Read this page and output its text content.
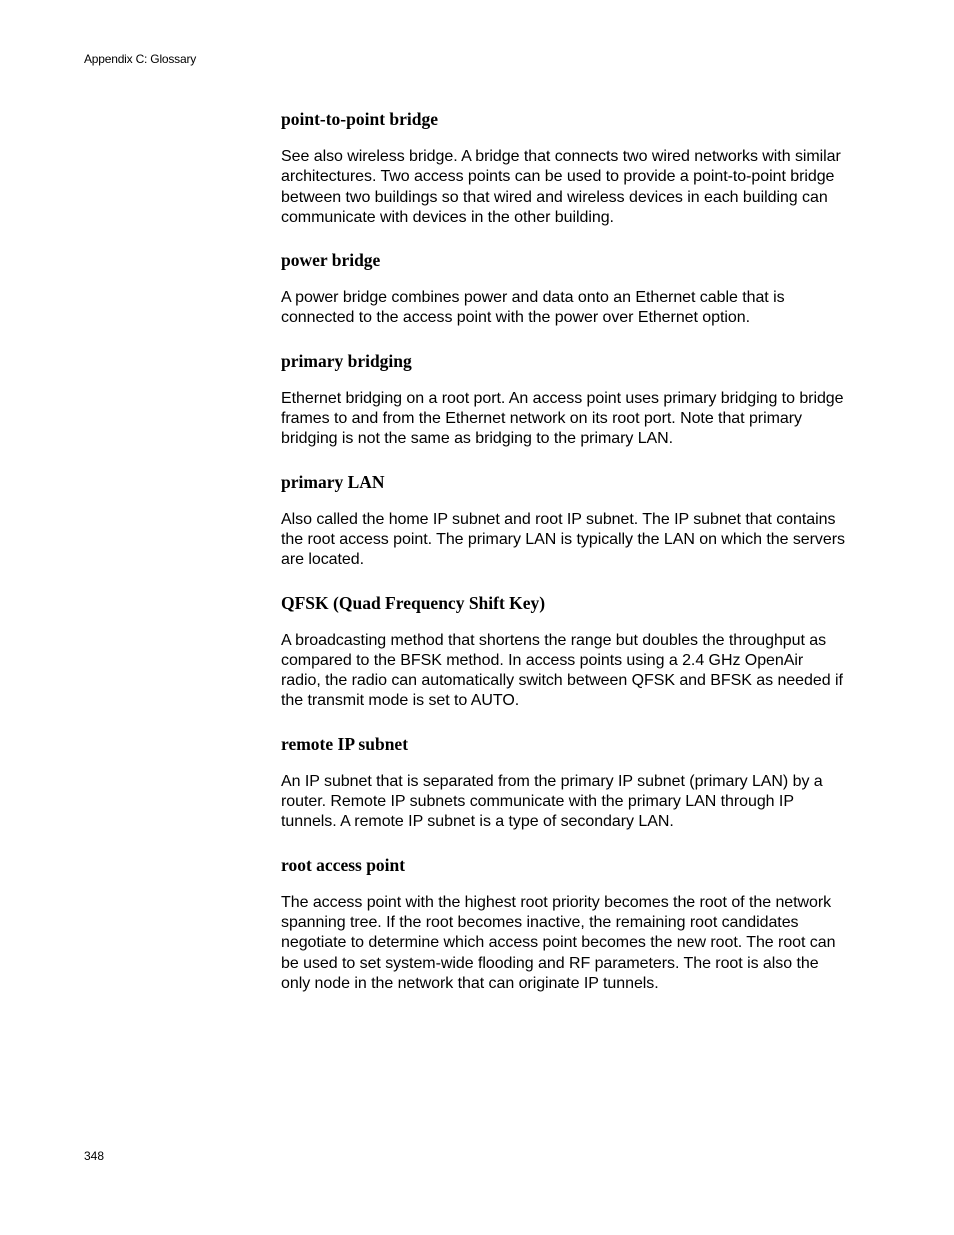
Appendix C: Glossary
point-to-point bridge

See also wireless bridge. A bridge that connects two wired networks with similar architectures. Two access points can be used to provide a point-to-point bridge between two buildings so that wired and wireless devices in each building can communicate with devices in the other building.

power bridge

A power bridge combines power and data onto an Ethernet cable that is connected to the access point with the power over Ethernet option.

primary bridging

Ethernet bridging on a root port. An access point uses primary bridging to bridge frames to and from the Ethernet network on its root port. Note that primary bridging is not the same as bridging to the primary LAN.

primary LAN

Also called the home IP subnet and root IP subnet. The IP subnet that contains the root access point. The primary LAN is typically the LAN on which the servers are located.

QFSK (Quad Frequency Shift Key)

A broadcasting method that shortens the range but doubles the throughput as compared to the BFSK method. In access points using a 2.4 GHz OpenAir radio, the radio can automatically switch between QFSK and BFSK as needed if the transmit mode is set to AUTO.

remote IP subnet

An IP subnet that is separated from the primary IP subnet (primary LAN) by a router. Remote IP subnets communicate with the primary LAN through IP tunnels. A remote IP subnet is a type of secondary LAN.

root access point

The access point with the highest root priority becomes the root of the network spanning tree. If the root becomes inactive, the remaining root candidates negotiate to determine which access point becomes the new root. The root can be used to set system-wide flooding and RF parameters. The root is also the only node in the network that can originate IP tunnels.

348
